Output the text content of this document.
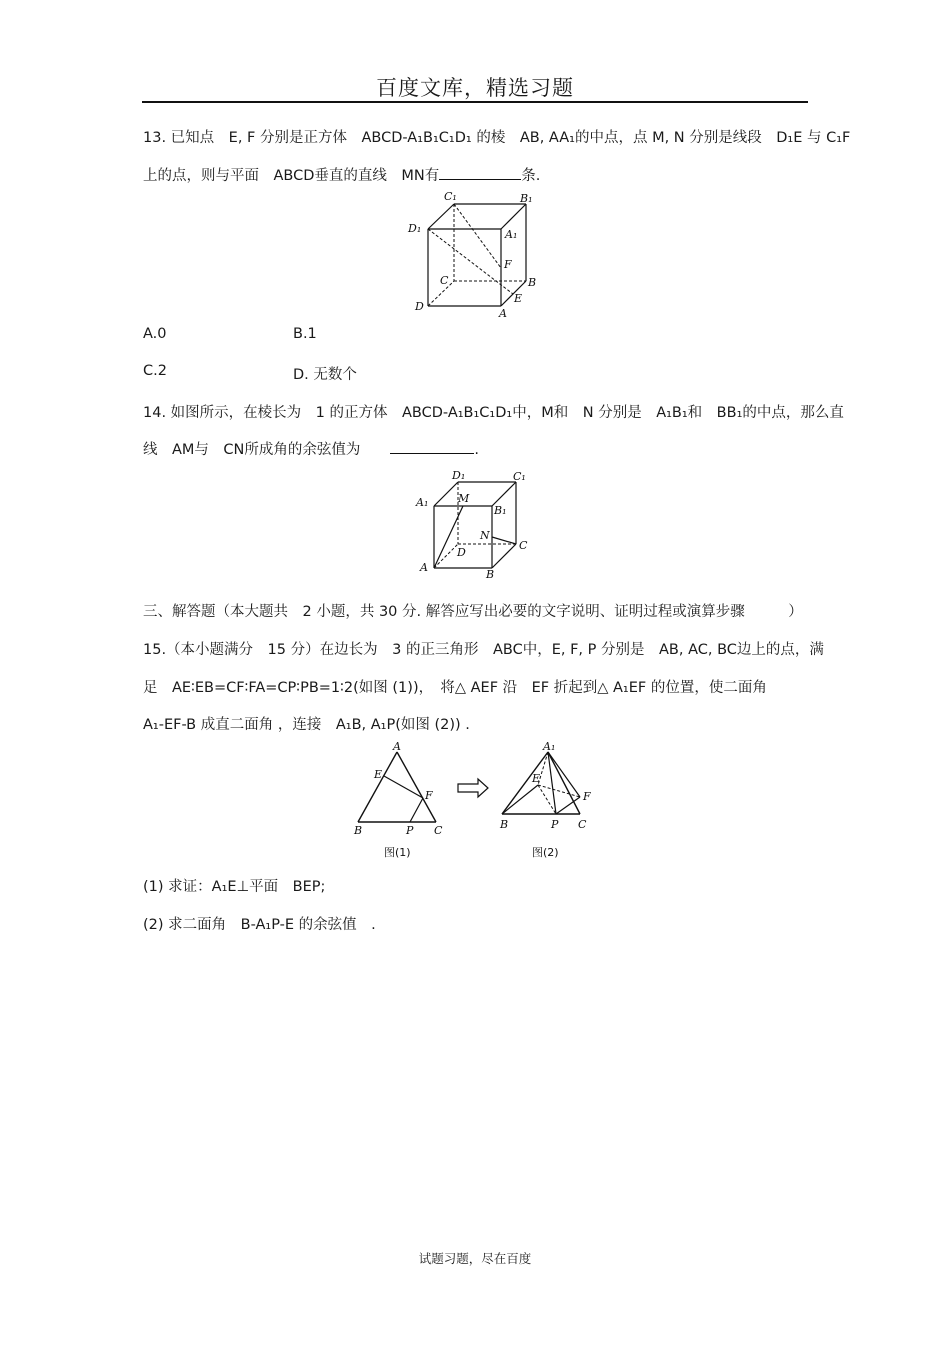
百度文库，精选习题
13. 已知点　E, F 分别是正方体　ABCD-A₁B₁C₁D₁ 的棱　AB, AA₁的中点，点 M, N 分别是线段　D₁E 与 C₁F
上的点，则与平面　ABCD垂直的直线　MN有	条.
C₁	B₁
D₁	A₁
F
C	B
D
E
A
A.0	B.1
C.2	D. 无数个
14. 如图所示，在棱长为　1 的正方体　ABCD-A₁B₁C₁D₁中，M和　N 分别是　A₁B₁和　BB₁的中点，那么直
线　AM与　CN所成角的余弦值为	.
D₁	C₁
A₁	M
B₁
N
C
D
A
B
三、解答题（本大题共　2 小题，共 30 分. 解答应写出必要的文字说明、证明过程或演算步骤　　　）
15.（本小题满分　15 分）在边长为　3 的正三角形　ABC中，E, F, P 分别是　AB, AC, BC边上的点，满
足　AE∶EB=CF∶FA=CP∶PB=1∶2(如图 (1))，　将△ AEF 沿　EF 折起到△ A₁EF 的位置，使二面角
A₁-EF-B 成直二面角 ，连接　A₁B, A₁P(如图 (2)) .
A
E
F
B	P C
图(1)
A₁
E
F
B	P C
图(2)
(1) 求证：A₁E⊥平面　BEP;
(2) 求二面角　B-A₁P-E 的余弦值　.
试题习题，尽在百度
